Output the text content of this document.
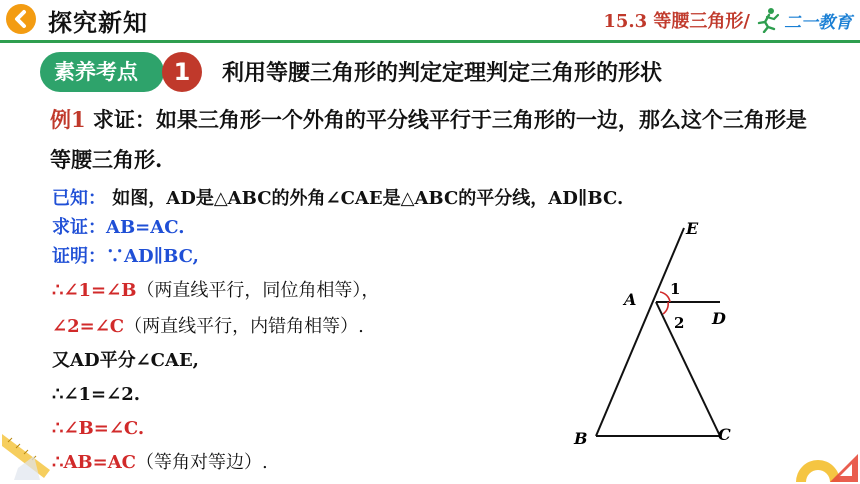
探究新知	15.3 等腰三角形/ 二一教育
素养考点	1	利用等腰三角形的判定定理判定三角形的形状
例1 求证：如果三角形一个外角的平分线平行于三角形的一边，那么这个三角形是等腰三角形.
已知： 如图，AD是△ABC的外角∠CAE是△ABC的平分线，AD∥BC.
求证：AB=AC.
证明：∵AD∥BC,
∴∠1=∠B（两直线平行，同位角相等），
∠2=∠C（两直线平行，内错角相等）.
又AD平分∠CAE,
∴∠1=∠2.
∴∠B=∠C.
∴AB=AC（等角对等边）.
E
A
D
B	C
1
2
